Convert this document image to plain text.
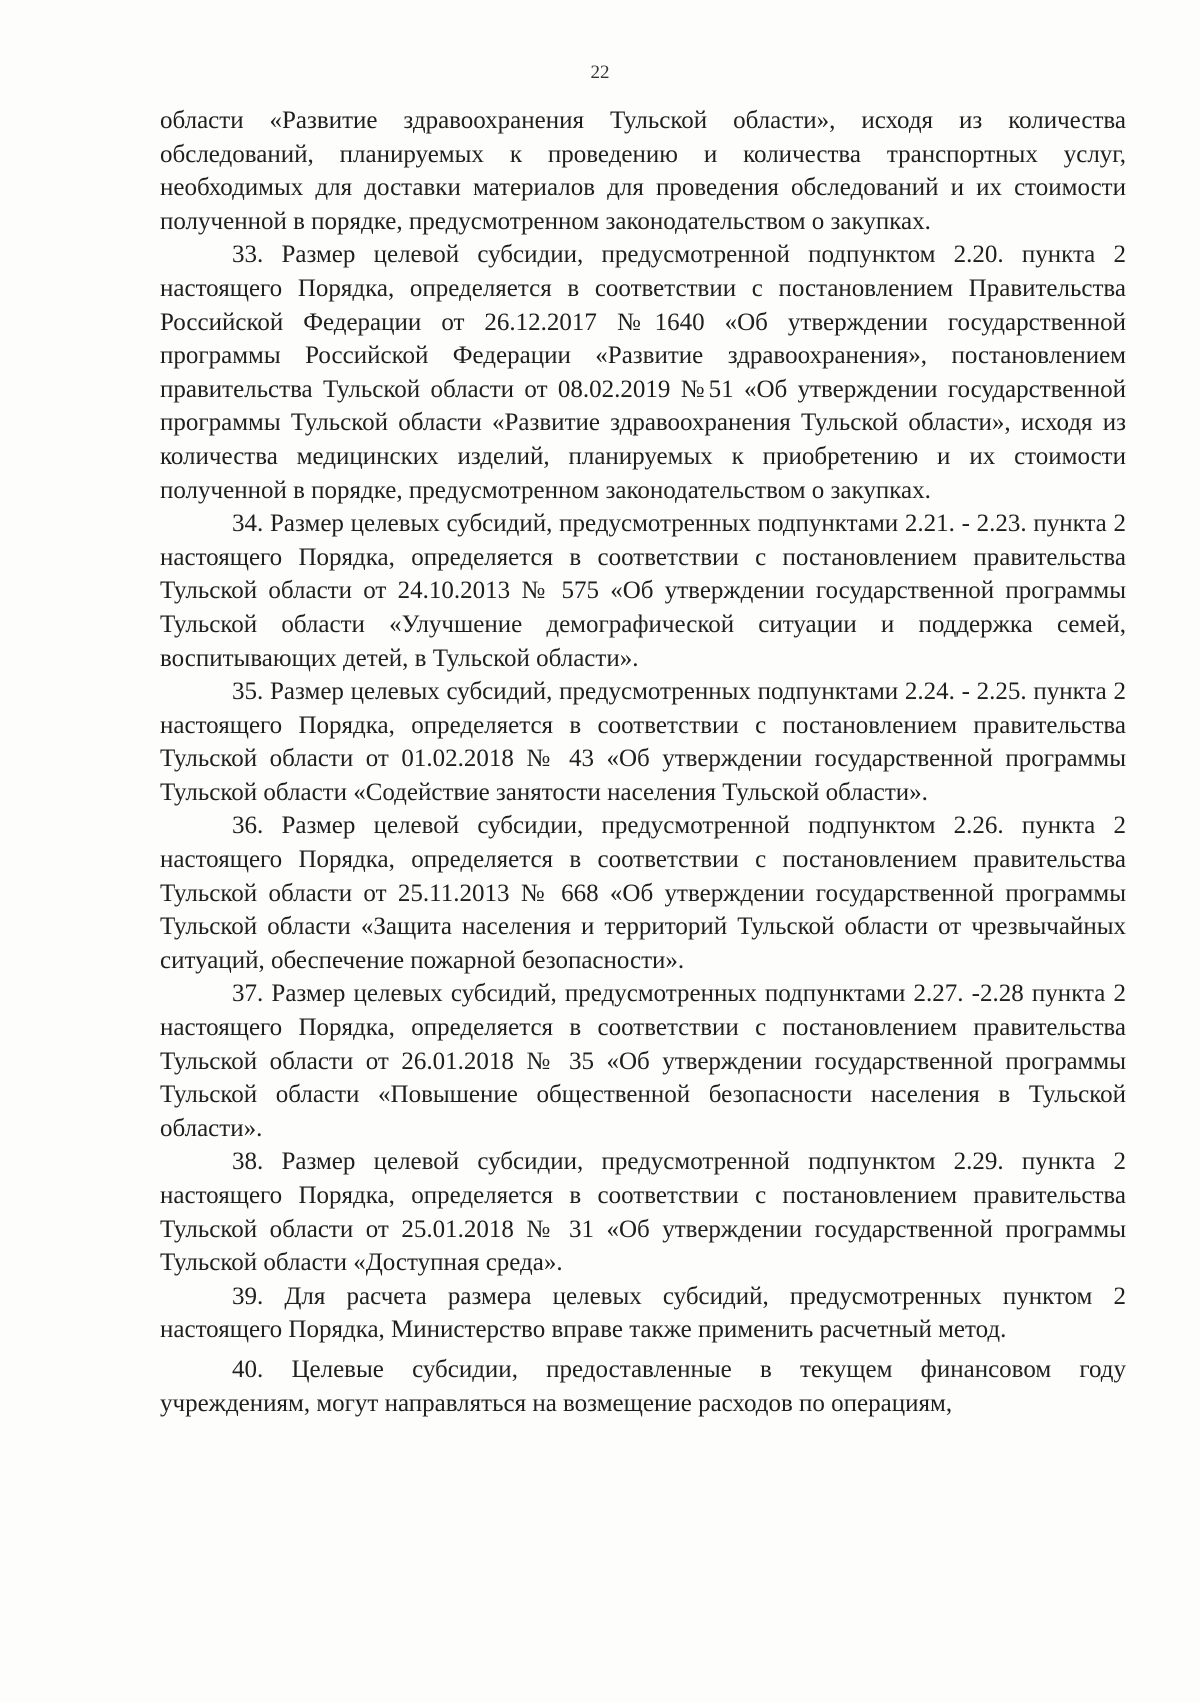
22

области «Развитие здравоохранения Тульской области», исходя из количества обследований, планируемых к проведению и количества транспортных услуг, необходимых для доставки материалов для проведения обследований и их стоимости полученной в порядке, предусмотренном законодательством о закупках.

33. Размер целевой субсидии, предусмотренной подпунктом 2.20. пункта 2 настоящего Порядка, определяется в соответствии с постановлением Правительства Российской Федерации от 26.12.2017 №1640 «Об утверждении государственной программы Российской Федерации «Развитие здравоохранения», постановлением правительства Тульской области от 08.02.2019 №51 «Об утверждении государственной программы Тульской области «Развитие здравоохранения Тульской области», исходя из количества медицинских изделий, планируемых к приобретению и их стоимости полученной в порядке, предусмотренном законодательством о закупках.

34. Размер целевых субсидий, предусмотренных подпунктами 2.21. - 2.23. пункта 2 настоящего Порядка, определяется в соответствии с постановлением правительства Тульской области от 24.10.2013 № 575 «Об утверждении государственной программы Тульской области «Улучшение демографической ситуации и поддержка семей, воспитывающих детей, в Тульской области».

35. Размер целевых субсидий, предусмотренных подпунктами 2.24. - 2.25. пункта 2 настоящего Порядка, определяется в соответствии с постановлением правительства Тульской области от 01.02.2018 № 43 «Об утверждении государственной программы Тульской области «Содействие занятости населения Тульской области».

36. Размер целевой субсидии, предусмотренной подпунктом 2.26. пункта 2 настоящего Порядка, определяется в соответствии с постановлением правительства Тульской области от 25.11.2013 № 668 «Об утверждении государственной программы Тульской области «Защита населения и территорий Тульской области от чрезвычайных ситуаций, обеспечение пожарной безопасности».

37. Размер целевых субсидий, предусмотренных подпунктами 2.27. -2.28 пункта 2 настоящего Порядка, определяется в соответствии с постановлением правительства Тульской области от 26.01.2018 № 35 «Об утверждении государственной программы Тульской области «Повышение общественной безопасности населения в Тульской области».

38. Размер целевой субсидии, предусмотренной подпунктом 2.29. пункта 2 настоящего Порядка, определяется в соответствии с постановлением правительства Тульской области от 25.01.2018 № 31 «Об утверждении государственной программы Тульской области «Доступная среда».

39. Для расчета размера целевых субсидий, предусмотренных пунктом 2 настоящего Порядка, Министерство вправе также применить расчетный метод.

40. Целевые субсидии, предоставленные в текущем финансовом году учреждениям, могут направляться на возмещение расходов по операциям,
